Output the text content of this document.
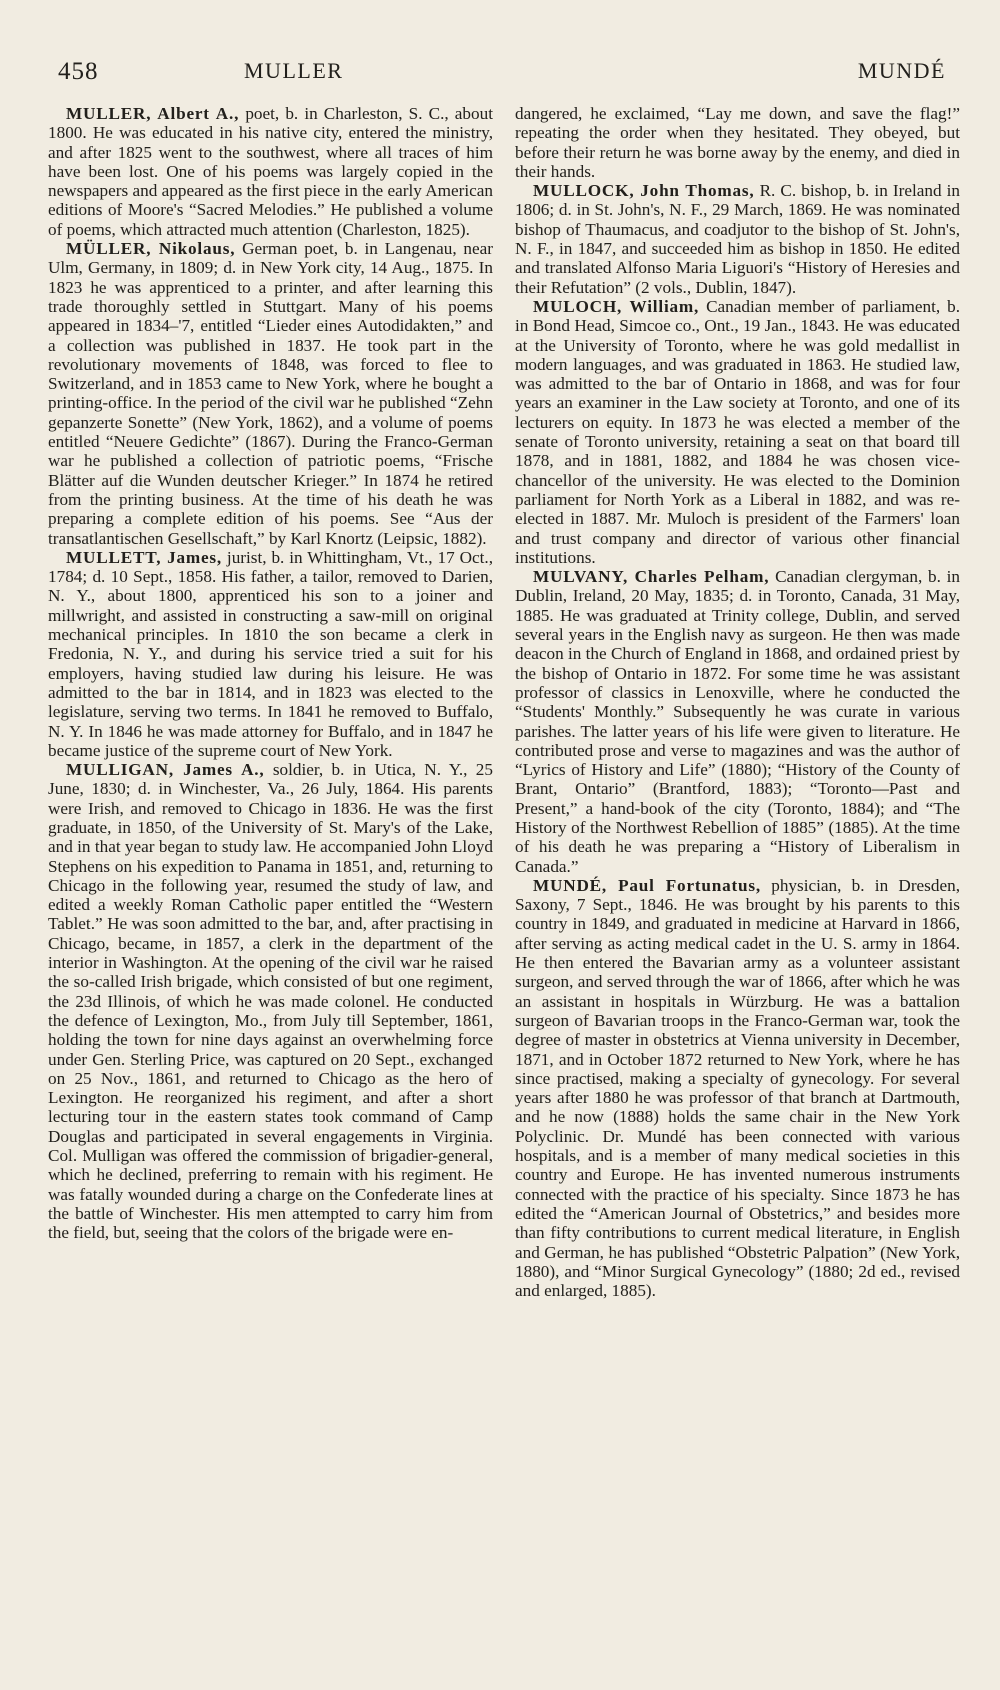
458	MULLER	MUNDÉ

MULLER, Albert A., poet, b. in Charleston, S. C., about 1800. He was educated in his native city, entered the ministry, and after 1825 went to the southwest, where all traces of him have been lost. One of his poems was largely copied in the newspapers and appeared as the first piece in the early American editions of Moore's “Sacred Melodies.” He published a volume of poems, which attracted much attention (Charleston, 1825).

MÜLLER, Nikolaus, German poet, b. in Langenau, near Ulm, Germany, in 1809; d. in New York city, 14 Aug., 1875. In 1823 he was apprenticed to a printer, and after learning this trade thoroughly settled in Stuttgart. Many of his poems appeared in 1834–'7, entitled “Lieder eines Autodidakten,” and a collection was published in 1837. He took part in the revolutionary movements of 1848, was forced to flee to Switzerland, and in 1853 came to New York, where he bought a printing-office. In the period of the civil war he published “Zehn gepanzerte Sonette” (New York, 1862), and a volume of poems entitled “Neuere Gedichte” (1867). During the Franco-German war he published a collection of patriotic poems, “Frische Blätter auf die Wunden deutscher Krieger.” In 1874 he retired from the printing business. At the time of his death he was preparing a complete edition of his poems. See “Aus der transatlantischen Gesellschaft,” by Karl Knortz (Leipsic, 1882).

MULLETT, James, jurist, b. in Whittingham, Vt., 17 Oct., 1784; d. 10 Sept., 1858. His father, a tailor, removed to Darien, N. Y., about 1800, apprenticed his son to a joiner and millwright, and assisted in constructing a saw-mill on original mechanical principles. In 1810 the son became a clerk in Fredonia, N. Y., and during his service tried a suit for his employers, having studied law during his leisure. He was admitted to the bar in 1814, and in 1823 was elected to the legislature, serving two terms. In 1841 he removed to Buffalo, N. Y. In 1846 he was made attorney for Buffalo, and in 1847 he became justice of the supreme court of New York.

MULLIGAN, James A., soldier, b. in Utica, N. Y., 25 June, 1830; d. in Winchester, Va., 26 July, 1864. His parents were Irish, and removed to Chicago in 1836. He was the first graduate, in 1850, of the University of St. Mary's of the Lake, and in that year began to study law. He accompanied John Lloyd Stephens on his expedition to Panama in 1851, and, returning to Chicago in the following year, resumed the study of law, and edited a weekly Roman Catholic paper entitled the “Western Tablet.” He was soon admitted to the bar, and, after practising in Chicago, became, in 1857, a clerk in the department of the interior in Washington. At the opening of the civil war he raised the so-called Irish brigade, which consisted of but one regiment, the 23d Illinois, of which he was made colonel. He conducted the defence of Lexington, Mo., from July till September, 1861, holding the town for nine days against an overwhelming force under Gen. Sterling Price, was captured on 20 Sept., exchanged on 25 Nov., 1861, and returned to Chicago as the hero of Lexington. He reorganized his regiment, and after a short lecturing tour in the eastern states took command of Camp Douglas and participated in several engagements in Virginia. Col. Mulligan was offered the commission of brigadier-general, which he declined, preferring to remain with his regiment. He was fatally wounded during a charge on the Confederate lines at the battle of Winchester. His men attempted to carry him from the field, but, seeing that the colors of the brigade were en-

dangered, he exclaimed, “Lay me down, and save the flag!” repeating the order when they hesitated. They obeyed, but before their return he was borne away by the enemy, and died in their hands.

MULLOCK, John Thomas, R. C. bishop, b. in Ireland in 1806; d. in St. John's, N. F., 29 March, 1869. He was nominated bishop of Thaumacus, and coadjutor to the bishop of St. John's, N. F., in 1847, and succeeded him as bishop in 1850. He edited and translated Alfonso Maria Liguori's “History of Heresies and their Refutation” (2 vols., Dublin, 1847).

MULOCH, William, Canadian member of parliament, b. in Bond Head, Simcoe co., Ont., 19 Jan., 1843. He was educated at the University of Toronto, where he was gold medallist in modern languages, and was graduated in 1863. He studied law, was admitted to the bar of Ontario in 1868, and was for four years an examiner in the Law society at Toronto, and one of its lecturers on equity. In 1873 he was elected a member of the senate of Toronto university, retaining a seat on that board till 1878, and in 1881, 1882, and 1884 he was chosen vice-chancellor of the university. He was elected to the Dominion parliament for North York as a Liberal in 1882, and was re-elected in 1887. Mr. Muloch is president of the Farmers' loan and trust company and director of various other financial institutions.

MULVANY, Charles Pelham, Canadian clergyman, b. in Dublin, Ireland, 20 May, 1835; d. in Toronto, Canada, 31 May, 1885. He was graduated at Trinity college, Dublin, and served several years in the English navy as surgeon. He then was made deacon in the Church of England in 1868, and ordained priest by the bishop of Ontario in 1872. For some time he was assistant professor of classics in Lenoxville, where he conducted the “Students' Monthly.” Subsequently he was curate in various parishes. The latter years of his life were given to literature. He contributed prose and verse to magazines and was the author of “Lyrics of History and Life” (1880); “History of the County of Brant, Ontario” (Brantford, 1883); “Toronto—Past and Present,” a hand-book of the city (Toronto, 1884); and “The History of the Northwest Rebellion of 1885” (1885). At the time of his death he was preparing a “History of Liberalism in Canada.”

MUNDÉ, Paul Fortunatus, physician, b. in Dresden, Saxony, 7 Sept., 1846. He was brought by his parents to this country in 1849, and graduated in medicine at Harvard in 1866, after serving as acting medical cadet in the U. S. army in 1864. He then entered the Bavarian army as a volunteer assistant surgeon, and served through the war of 1866, after which he was an assistant in hospitals in Würzburg. He was a battalion surgeon of Bavarian troops in the Franco-German war, took the degree of master in obstetrics at Vienna university in December, 1871, and in October 1872 returned to New York, where he has since practised, making a specialty of gynecology. For several years after 1880 he was professor of that branch at Dartmouth, and he now (1888) holds the same chair in the New York Polyclinic. Dr. Mundé has been connected with various hospitals, and is a member of many medical societies in this country and Europe. He has invented numerous instruments connected with the practice of his specialty. Since 1873 he has edited the “American Journal of Obstetrics,” and besides more than fifty contributions to current medical literature, in English and German, he has published “Obstetric Palpation” (New York, 1880), and “Minor Surgical Gynecology” (1880; 2d ed., revised and enlarged, 1885).
